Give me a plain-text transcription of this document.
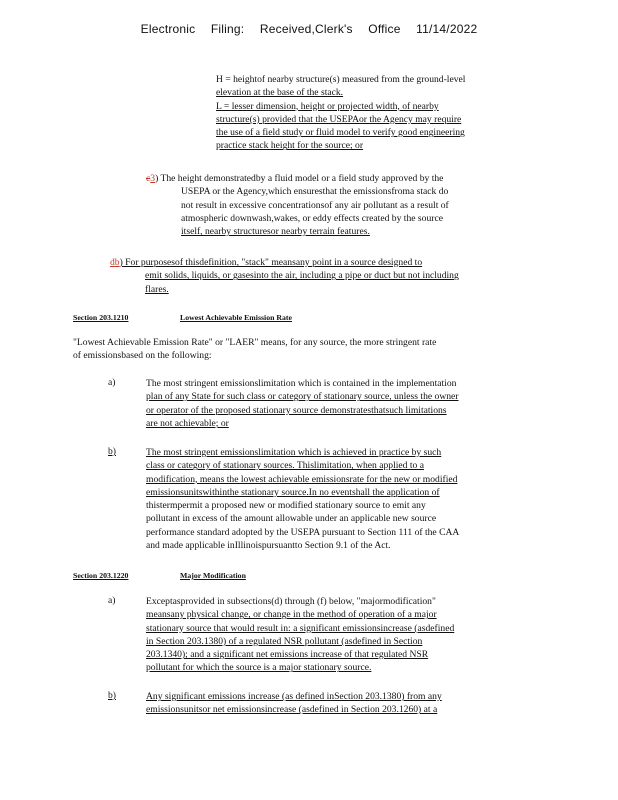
Electronic Filing: Received,Clerk's Office 11/14/2022

H = heightof nearby structure(s) measured from the ground-level

elevation at the base of the stack.

L = lesser dimension, height or projected width, of nearby

structure(s) provided that the USEPAor the Agency may require

the use of a field study or fluid model to verify good engineering

practice stack height for the source; or

c3) The height demonstratedby a fluid model or a field study approved by the

USEPA or the Agency,which ensuresthat the emissionsfroma stack do

not result in excessive concentrationsof any air pollutant as a result of

atmospheric downwash,wakes, or eddy effects created by the source

itself, nearby structuresor nearby terrain features.

db) For purposesof thisdefinition, "stack" meansany point in a source designed to

emit solids, liquids, or gasesinto the air, including a pipe or duct but not including

flares.

Section 203.1210	Lowest Achievable Emission Rate

"Lowest Achievable Emission Rate" or "LAER" means, for any source, the more stringent rate

of emissionsbased on the following:

a)	The most stringent emissionslimitation which is contained in the implementation

plan of any State for such class or category of stationary source, unless the owner

or operator of the proposed stationary source demonstratesthatsuch limitations

are not achievable; or

b)	The most stringent emissionslimitation which is achieved in practice by such

class or category of stationary sources. Thislimitation, when applied to a

modification, means the lowest achievable emissionsrate for the new or modified

emissionsunitswithinthe stationary source.In no eventshall the application of

thistermpermit a proposed new or modified stationary source to emit any

pollutant in excess of the amount allowable under an applicable new source

performance standard adopted by the USEPA pursuant to Section 111 of the CAA

and made applicable inIllinoispursuantto Section 9.1 of the Act.

Section 203.1220	Major Modification
a)	Exceptasprovided in subsections(d) through (f) below, "majormodification"

meansany physical change, or change in the method of operation of a major

stationary source that would result in: a significant emissionsincrease (asdefined

in Section 203.1380) of a regulated NSR pollutant (asdefined in Section

203.1340); and a significant net emissions increase of that regulated NSR

pollutant for which the source is a major stationary source.

b)	Any significant emissions increase (as defined inSection 203.1380) from any

emissionsunitsor net emissionsincrease (asdefined in Section 203.1260) at a
